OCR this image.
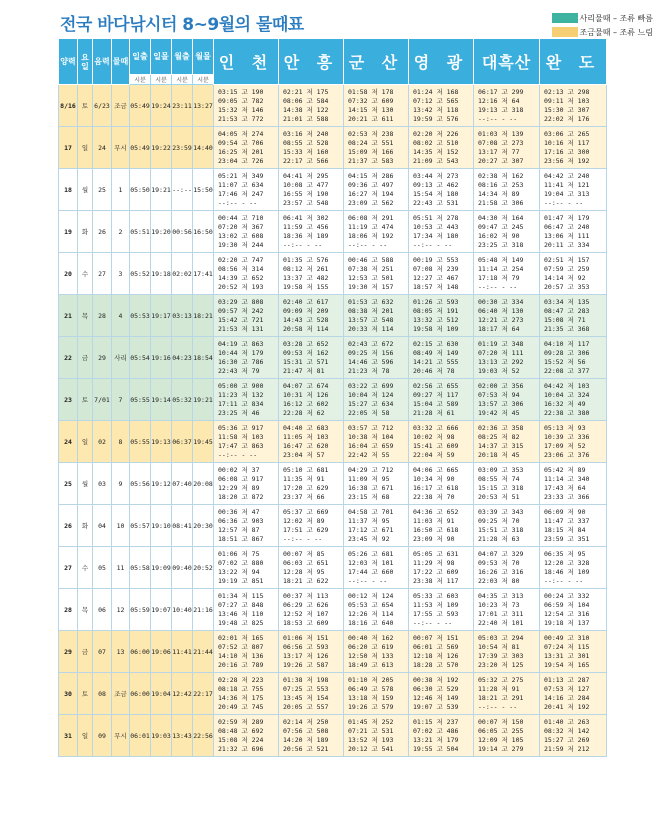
전국 바다낚시터 8~9월의 물때표	사리물때 – 조류 빠름
조금물때 – 조류 느림
양력	요일	음력	물때	일출	일몰	월출	월몰	인 천	안 흥	군 산	영 광	대흑산	완 도
				시분	시분	시분	시분						
8/16	토	6/23	조금	05:49	19:24	23:11	13:27	03:15 고 190
09:05 고 782
15:32 저 146
21:53 고 772	02:21 저 175
08:06 고 584
14:38 저 122
21:01 고 588	01:58 저 178
07:32 고 609
14:15 저 130
20:21 고 611	01:24 저 168
07:12 고 565
13:42 저 118
19:59 고 576	06:17 고 299
12:16 저 64
19:13 고 318
--:-- - --	02:13 고 298
09:11 저 103
15:30 고 307
22:02 저 176
17	일	24	무시	05:49	19:22	23:59	14:40	04:05 저 274
09:54 고 706
16:25 저 201
23:04 고 726	03:16 저 240
08:55 고 528
15:33 저 160
22:17 고 566	02:53 저 238
08:24 고 551
15:09 저 166
21:37 고 583	02:20 저 226
08:02 고 510
14:35 저 152
21:09 고 543	01:03 저 139
07:08 고 273
13:17 저 77
20:27 고 307	03:06 고 265
10:16 저 117
17:16 고 300
23:56 저 192
18	월	25	1	05:50	19:21	--:--	15:50	05:21 저 349
11:07 고 634
17:46 저 247
--:-- - --	04:41 저 295
10:08 고 477
16:55 저 190
23:57 고 548	04:15 저 286
09:36 고 497
16:27 저 194
23:09 고 562	03:44 저 273
09:13 고 462
15:54 저 180
22:43 고 531	02:38 저 162
08:16 고 253
14:34 저 89
21:58 고 306	04:42 고 240
11:41 저 121
19:04 고 313
--:-- - --
19	화	26	2	05:51	19:20	00:56	16:50	00:44 고 710
07:20 저 367
13:02 고 608
19:30 저 244	06:41 저 302
11:59 고 456
18:36 저 189
--:-- - --	06:08 저 291
11:19 고 474
18:06 저 192
--:-- - --	05:51 저 278
10:53 고 443
17:34 저 180
--:-- - --	04:30 저 164
09:47 고 245
16:02 저 90
23:25 고 318	01:47 저 179
06:47 고 240
13:06 저 111
20:11 고 334
20	수	27	3	05:52	19:18	02:02	17:41	02:20 고 747
08:56 저 314
14:39 고 652
20:52 저 193	01:35 고 576
08:12 저 261
13:37 고 482
19:58 저 155	00:46 고 588
07:38 저 251
12:53 고 501
19:30 저 157	00:19 고 553
07:08 저 239
12:27 고 467
18:57 저 148	05:48 저 149
11:14 고 254
17:18 저 79
--:-- - --	02:51 저 157
07:59 고 259
14:14 저 92
20:57 고 353
21	목	28	4	05:53	19:17	03:13	18:21	03:29 고 808
09:57 저 242
15:42 고 721
21:53 저 131	02:40 고 617
09:09 저 209
14:43 고 528
20:58 저 114	01:53 고 632
08:38 저 201
13:57 고 548
20:33 저 114	01:26 고 593
08:05 저 191
13:32 고 512
19:58 저 109	00:30 고 334
06:40 저 130
12:21 고 273
18:17 저 64	03:34 저 135
08:47 고 283
15:08 저 71
21:35 고 368
22	금	29	사리	05:54	19:16	04:23	18:54	04:19 고 863
10:44 저 179
16:30 고 786
22:43 저 79	03:28 고 652
09:53 저 162
15:31 고 571
21:47 저 81	02:43 고 672
09:25 저 156
14:46 고 596
21:23 저 78	02:15 고 630
08:49 저 149
14:21 고 555
20:46 저 78	01:19 고 348
07:20 저 111
13:13 고 292
19:03 저 52	04:10 저 117
09:28 고 306
15:52 저 56
22:08 고 377
23	토	7/01	7	05:55	19:14	05:32	19:21	05:00 고 900
11:23 저 132
17:11 고 834
23:25 저 46	04:07 고 674
10:31 저 126
16:12 고 602
22:28 저 62	03:22 고 699
10:04 저 124
15:27 고 634
22:05 저 58	02:56 고 655
09:27 저 117
15:04 고 589
21:28 저 61	02:00 고 356
07:53 저 94
13:57 고 306
19:42 저 45	04:42 저 103
10:04 고 324
16:32 저 49
22:38 고 380
24	일	02	8	05:55	19:13	06:37	19:45	05:36 고 917
11:58 저 103
17:47 고 863
--:-- - --	04:40 고 683
11:05 저 103
16:47 고 620
23:04 저 57	03:57 고 712
10:38 저 104
16:04 고 659
22:42 저 55	03:32 고 666
10:02 저 98
15:41 고 609
22:04 저 59	02:36 고 358
08:25 저 82
14:37 고 315
20:18 저 45	05:13 저 93
10:39 고 336
17:09 저 52
23:06 고 376
25	월	03	9	05:56	19:12	07:40	20:08	00:02 저 37
06:08 고 917
12:29 저 89
18:20 고 872	05:10 고 681
11:35 저 91
17:20 고 629
23:37 저 66	04:29 고 712
11:09 저 95
16:38 고 671
23:15 저 68	04:06 고 665
10:34 저 90
16:17 고 618
22:38 저 70	03:09 고 353
08:55 저 74
15:15 고 318
20:53 저 51	05:42 저 89
11:14 고 340
17:43 저 64
23:33 고 366
26	화	04	10	05:57	19:10	08:41	20:30	00:36 저 47
06:36 고 903
12:57 저 87
18:51 고 867	05:37 고 669
12:02 저 89
17:51 고 629
--:-- - --	04:58 고 701
11:37 저 95
17:12 고 671
23:45 저 92	04:36 고 652
11:03 저 91
16:50 고 618
23:09 저 90	03:39 고 343
09:25 저 70
15:51 고 318
21:28 저 63	06:09 저 90
11:47 고 337
18:15 저 84
23:59 고 351
27	수	05	11	05:58	19:09	09:40	20:52	01:06 저 75
07:02 고 880
13:22 저 94
19:19 고 851	00:07 저 85
06:03 고 651
12:28 저 95
18:21 고 622	05:26 고 681
12:03 저 101
17:44 고 660
--:-- - --	05:05 고 631
11:29 저 98
17:22 고 609
23:38 저 117	04:07 고 329
09:53 저 70
16:26 고 316
22:03 저 80	06:35 저 95
12:20 고 328
18:46 저 109
--:-- - --
28	목	06	12	05:59	19:07	10:40	21:16	01:34 저 115
07:27 고 848
13:46 저 110
19:48 고 825	00:37 저 113
06:29 고 626
12:52 저 107
18:53 고 609	00:12 저 124
05:53 고 654
12:26 저 114
18:16 고 640	05:33 고 603
11:53 저 109
17:55 고 593
--:-- - --	04:35 고 313
10:23 저 73
17:01 고 311
22:40 저 101	00:24 고 332
06:59 저 104
12:54 고 316
19:18 저 137
29	금	07	13	06:00	19:06	11:41	21:44	02:01 저 165
07:52 고 807
14:10 저 136
20:16 고 789	01:06 저 151
06:56 고 593
13:17 저 126
19:26 고 587	00:40 저 162
06:20 고 619
12:50 저 133
18:49 고 613	00:07 저 151
06:01 고 569
12:18 저 126
18:28 고 570	05:03 고 294
10:54 저 81
17:39 고 303
23:20 저 125	00:49 고 310
07:24 저 115
13:31 고 301
19:54 저 165
30	토	08	조금	06:00	19:04	12:42	22:17	02:28 저 223
08:18 고 755
14:36 저 175
20:49 고 745	01:38 저 198
07:25 고 553
13:45 저 154
20:05 고 557	01:10 저 205
06:49 고 578
13:18 저 159
19:26 고 579	00:38 저 192
06:30 고 529
12:46 저 149
19:07 고 539	05:32 고 275
11:28 저 91
18:21 고 291
--:-- - --	01:13 고 287
07:53 저 127
14:16 고 284
20:41 저 192
31	일	09	무시	06:01	19:03	13:43	22:56	02:59 저 289
08:48 고 692
15:08 저 224
21:32 고 696	02:14 저 250
07:56 고 508
14:20 저 189
20:56 고 521	01:45 저 252
07:21 고 531
13:52 저 193
20:12 고 541	01:15 저 237
07:02 고 486
13:21 저 179
19:55 고 504	00:07 저 150
06:05 고 255
12:09 저 105
19:14 고 279	01:40 고 263
08:32 저 142
15:27 고 269
21:59 저 212
